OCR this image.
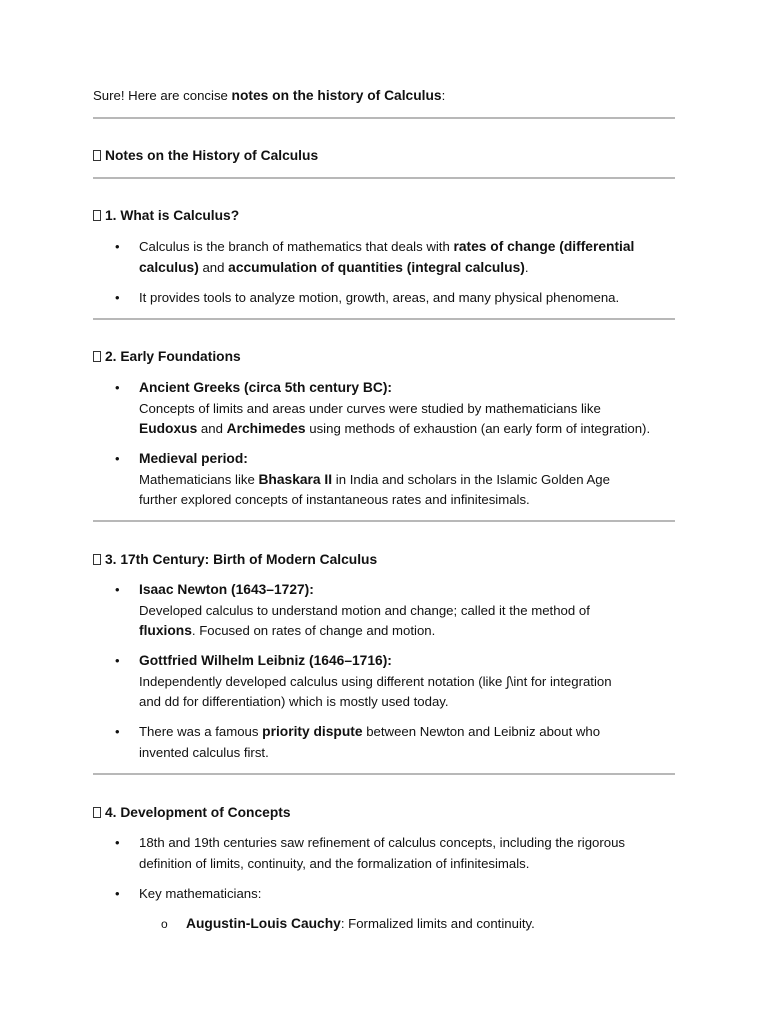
Sure! Here are concise notes on the history of Calculus:
Notes on the History of Calculus
1. What is Calculus?
• Calculus is the branch of mathematics that deals with rates of change (differential
calculus) and accumulation of quantities (integral calculus).
• It provides tools to analyze motion, growth, areas, and many physical phenomena.
2. Early Foundations
• Ancient Greeks (circa 5th century BC):
Concepts of limits and areas under curves were studied by mathematicians like
Eudoxus and Archimedes using methods of exhaustion (an early form of integration).
• Medieval period:
Mathematicians like Bhaskara II in India and scholars in the Islamic Golden Age
further explored concepts of instantaneous rates and infinitesimals.
3. 17th Century: Birth of Modern Calculus
• Isaac Newton (1643–1727):
Developed calculus to understand motion and change; called it the method of
fluxions. Focused on rates of change and motion.
• Gottfried Wilhelm Leibniz (1646–1716):
Independently developed calculus using different notation (like ∫\int for integration
and dd for differentiation) which is mostly used today.
• There was a famous priority dispute between Newton and Leibniz about who
invented calculus first.
4. Development of Concepts
• 18th and 19th centuries saw refinement of calculus concepts, including the rigorous
definition of limits, continuity, and the formalization of infinitesimals.
• Key mathematicians:
o Augustin-Louis Cauchy: Formalized limits and continuity.
